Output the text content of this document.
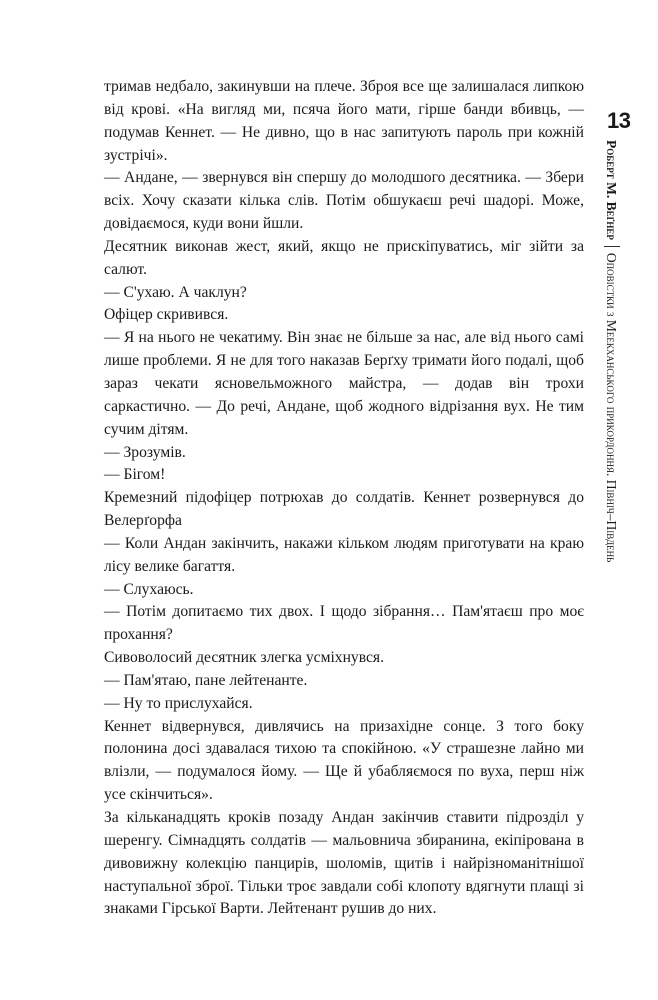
13
Роберт М. ВеґнерОповістки з Меекханського прикордоння. Північ–Південь

тримав недбало, закинувши на плече. Зброя все ще залишалася липкою від крові. «На вигляд ми, псяча його мати, гірше банди вбивць, — подумав Кеннет. — Не дивно, що в нас запитують пароль при кожній зустрічі».

— Андане, — звернувся він спершу до молодшого десятника. — Збери всіх. Хочу сказати кілька слів. Потім обшукаєш речі шадорі. Може, довідаємося, куди вони йшли.

Десятник виконав жест, який, якщо не прискіпуватись, міг зійти за салют.

— С'ухаю. А чаклун?

Офіцер скривився.

— Я на нього не чекатиму. Він знає не більше за нас, але від нього самі лише проблеми. Я не для того наказав Берґху тримати його подалі, щоб зараз чекати ясновельможного майстра, — додав він трохи саркастично. — До речі, Андане, щоб жодного відрізання вух. Не тим сучим дітям.

— Зрозумів.

— Бігом!

Кремезний підофіцер потрюхав до солдатів. Кеннет розвернувся до Велерґорфа

— Коли Андан закінчить, накажи кільком людям приготувати на краю лісу велике багаття.

— Слухаюсь.

— Потім допитаємо тих двох. І щодо зібрання… Пам'ятаєш про моє прохання?

Сивоволосий десятник злегка усміхнувся.

— Пам'ятаю, пане лейтенанте.

— Ну то прислухайся.

Кеннет відвернувся, дивлячись на призахідне сонце. З того боку полонина досі здавалася тихою та спокійною. «У страшезне лайно ми влізли, — подумалося йому. — Ще й убабляємося по вуха, перш ніж усе скінчиться».

За кільканадцять кроків позаду Андан закінчив ставити підрозділ у шеренгу. Сімнадцять солдатів — мальовнича збиранина, екіпірована в дивовижну колекцію панцирів, шоломів, щитів і найрізноманітнішої наступальної зброї. Тільки троє завдали собі клопоту вдягнути плащі зі знаками Гірської Варти. Лейтенант рушив до них.
